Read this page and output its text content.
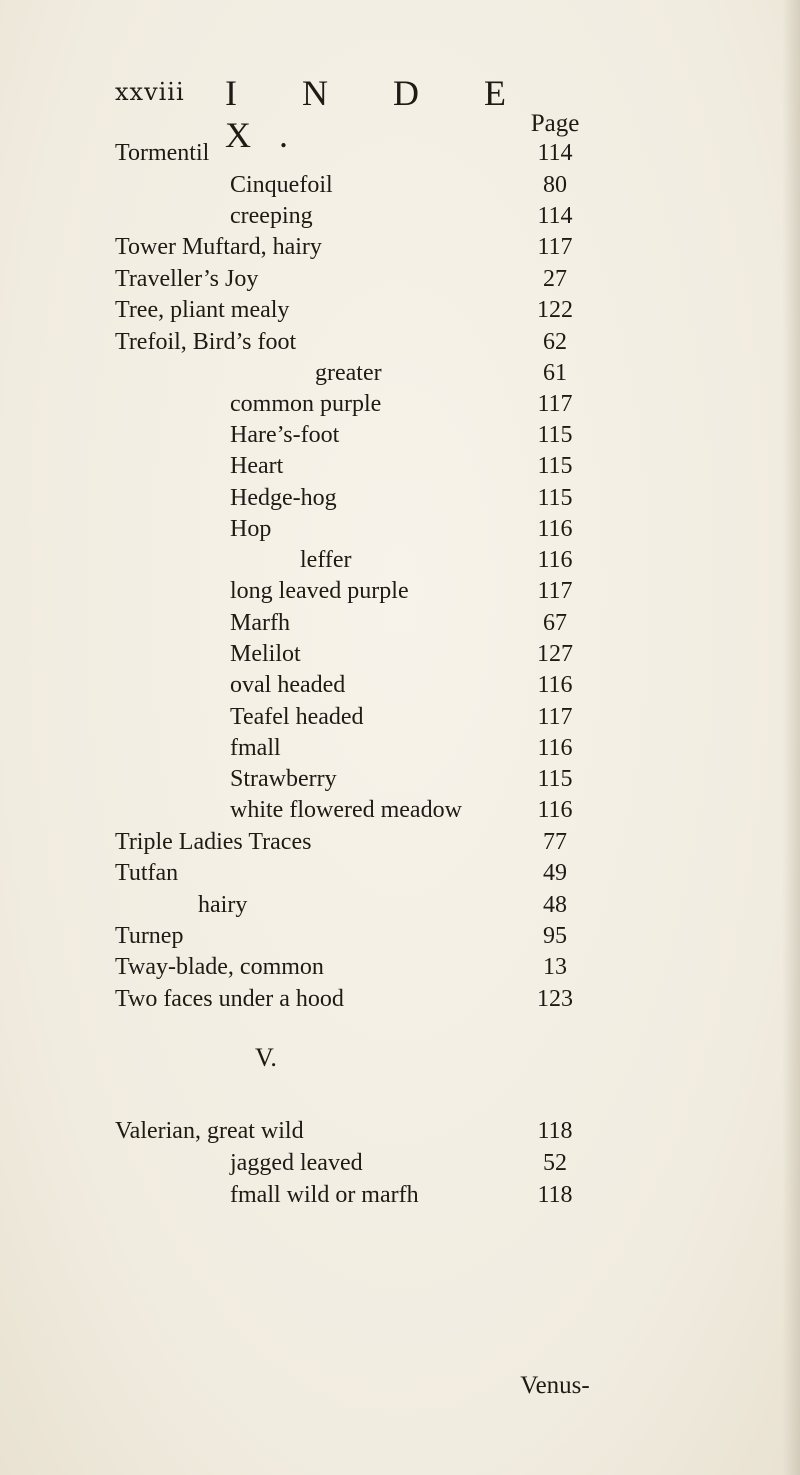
xxviii I N D E X.	Page
Tormentil	114
Cinquefoil	80
creeping	114
Tower Muftard, hairy	117
Traveller’s Joy	27
Tree, pliant mealy	122
Trefoil, Bird’s foot	62
greater	61
common purple	117
Hare’s-foot	115
Heart	115
Hedge-hog	115
Hop	116
leffer	116
long leaved purple	117
Marfh	67
Melilot	127
oval headed	116
Teafel headed	117
fmall	116
Strawberry	115
white flowered meadow	116
Triple Ladies Traces	77
Tutfan	49
hairy	48
Turnep	95
Tway-blade, common	13
Two faces under a hood	123
V.
Valerian, great wild	118
jagged leaved	52
fmall wild or marfh	118
Venus-
